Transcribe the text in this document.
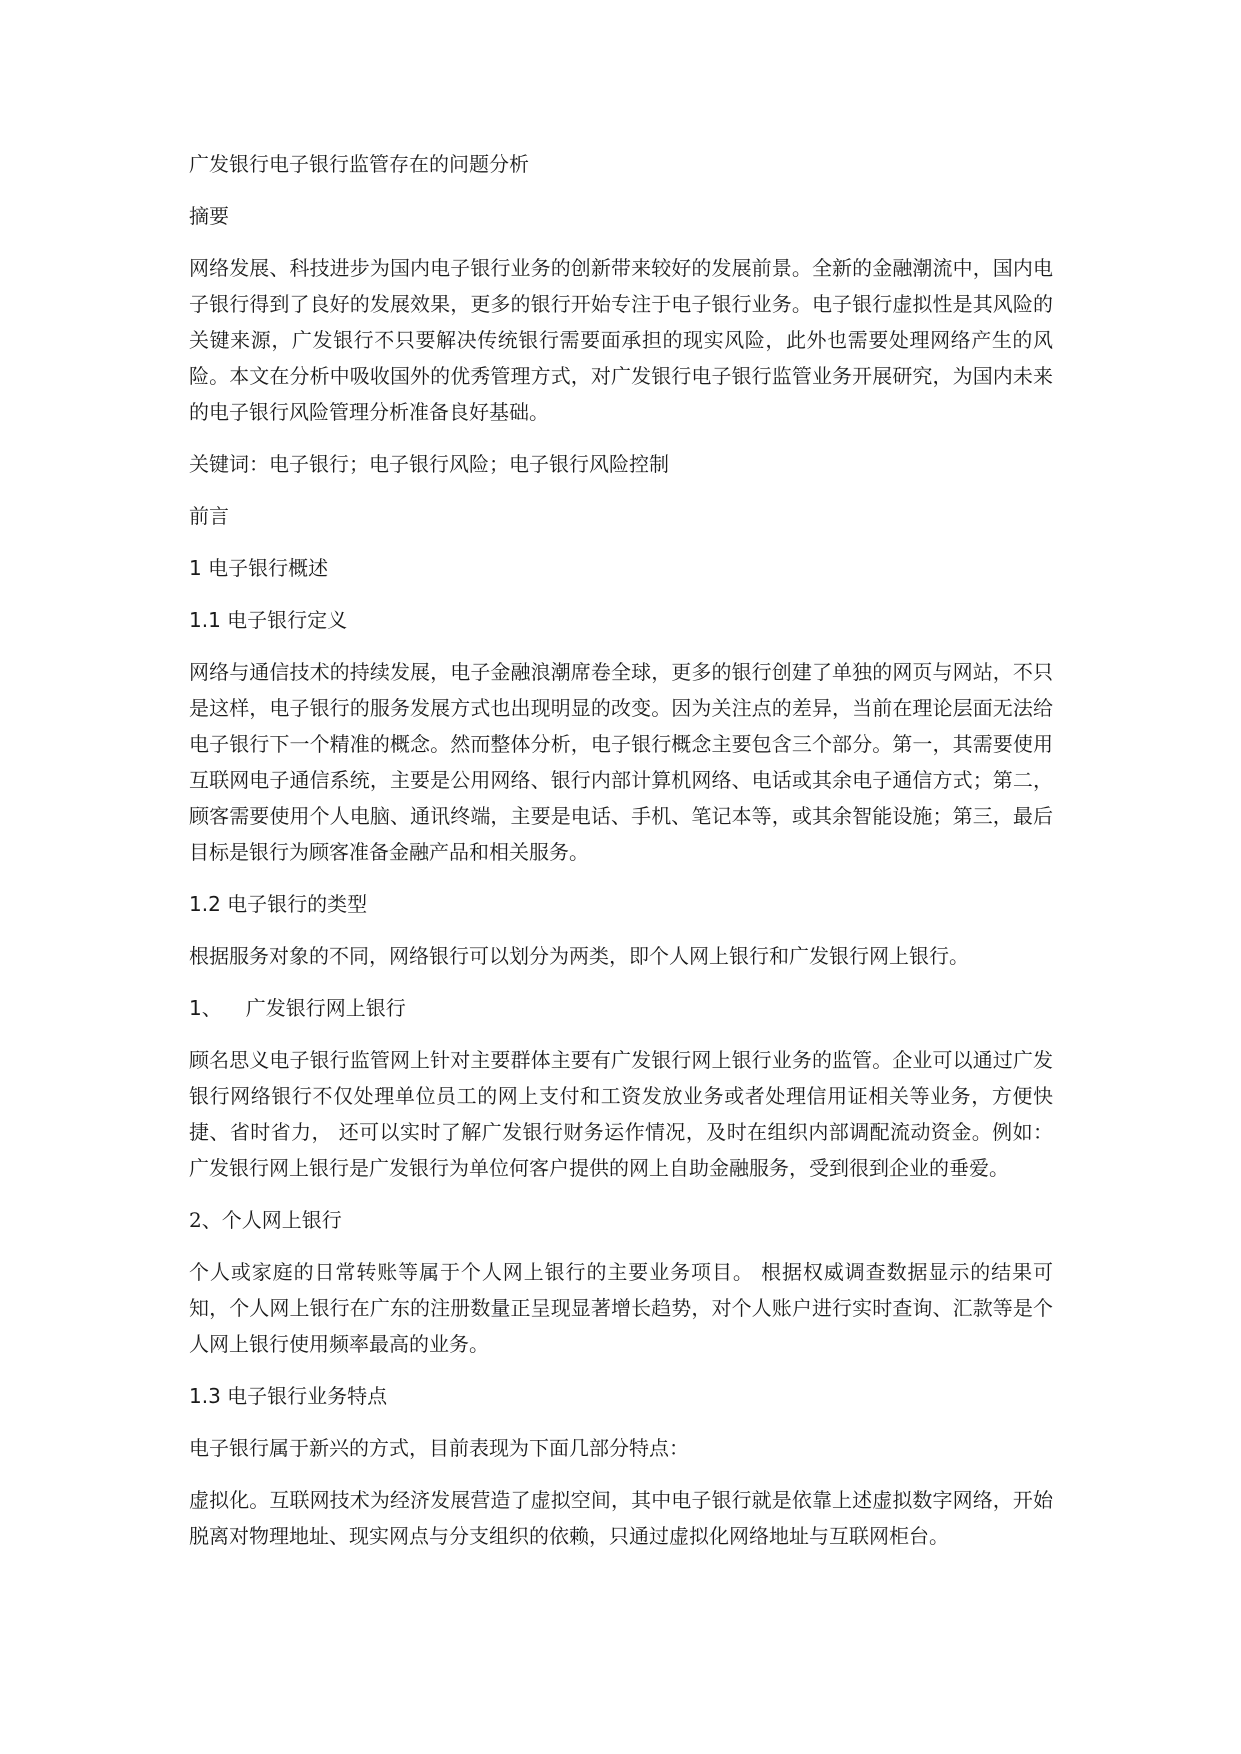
广发银行电子银行监管存在的问题分析

摘要

网络发展、科技进步为国内电子银行业务的创新带来较好的发展前景。全新的金融潮流中，国内电子银行得到了良好的发展效果，更多的银行开始专注于电子银行业务。电子银行虚拟性是其风险的关键来源，广发银行不只要解决传统银行需要面承担的现实风险，此外也需要处理网络产生的风险。本文在分析中吸收国外的优秀管理方式，对广发银行电子银行监管业务开展研究，为国内未来的电子银行风险管理分析准备良好基础。

关键词：电子银行；电子银行风险；电子银行风险控制

前言

1 电子银行概述

1.1 电子银行定义

网络与通信技术的持续发展，电子金融浪潮席卷全球，更多的银行创建了单独的网页与网站，不只是这样，电子银行的服务发展方式也出现明显的改变。因为关注点的差异，当前在理论层面无法给电子银行下一个精准的概念。然而整体分析，电子银行概念主要包含三个部分。第一，其需要使用互联网电子通信系统，主要是公用网络、银行内部计算机网络、电话或其余电子通信方式；第二，顾客需要使用个人电脑、通讯终端，主要是电话、手机、笔记本等，或其余智能设施；第三，最后目标是银行为顾客准备金融产品和相关服务。

1.2 电子银行的类型

根据服务对象的不同，网络银行可以划分为两类，即个人网上银行和广发银行网上银行。

1、 广发银行网上银行

顾名思义电子银行监管网上针对主要群体主要有广发银行网上银行业务的监管。企业可以通过广发银行网络银行不仅处理单位员工的网上支付和工资发放业务或者处理信用证相关等业务，方便快捷、省时省力， 还可以实时了解广发银行财务运作情况，及时在组织内部调配流动资金。例如：广发银行网上银行是广发银行为单位何客户提供的网上自助金融服务，受到很到企业的垂爱。

2、个人网上银行

个人或家庭的日常转账等属于个人网上银行的主要业务项目。 根据权威调查数据显示的结果可知，个人网上银行在广东的注册数量正呈现显著增长趋势，对个人账户进行实时查询、汇款等是个人网上银行使用频率最高的业务。

1.3 电子银行业务特点

电子银行属于新兴的方式，目前表现为下面几部分特点：

虚拟化。互联网技术为经济发展营造了虚拟空间，其中电子银行就是依靠上述虚拟数字网络，开始脱离对物理地址、现实网点与分支组织的依赖，只通过虚拟化网络地址与互联网柜台。
